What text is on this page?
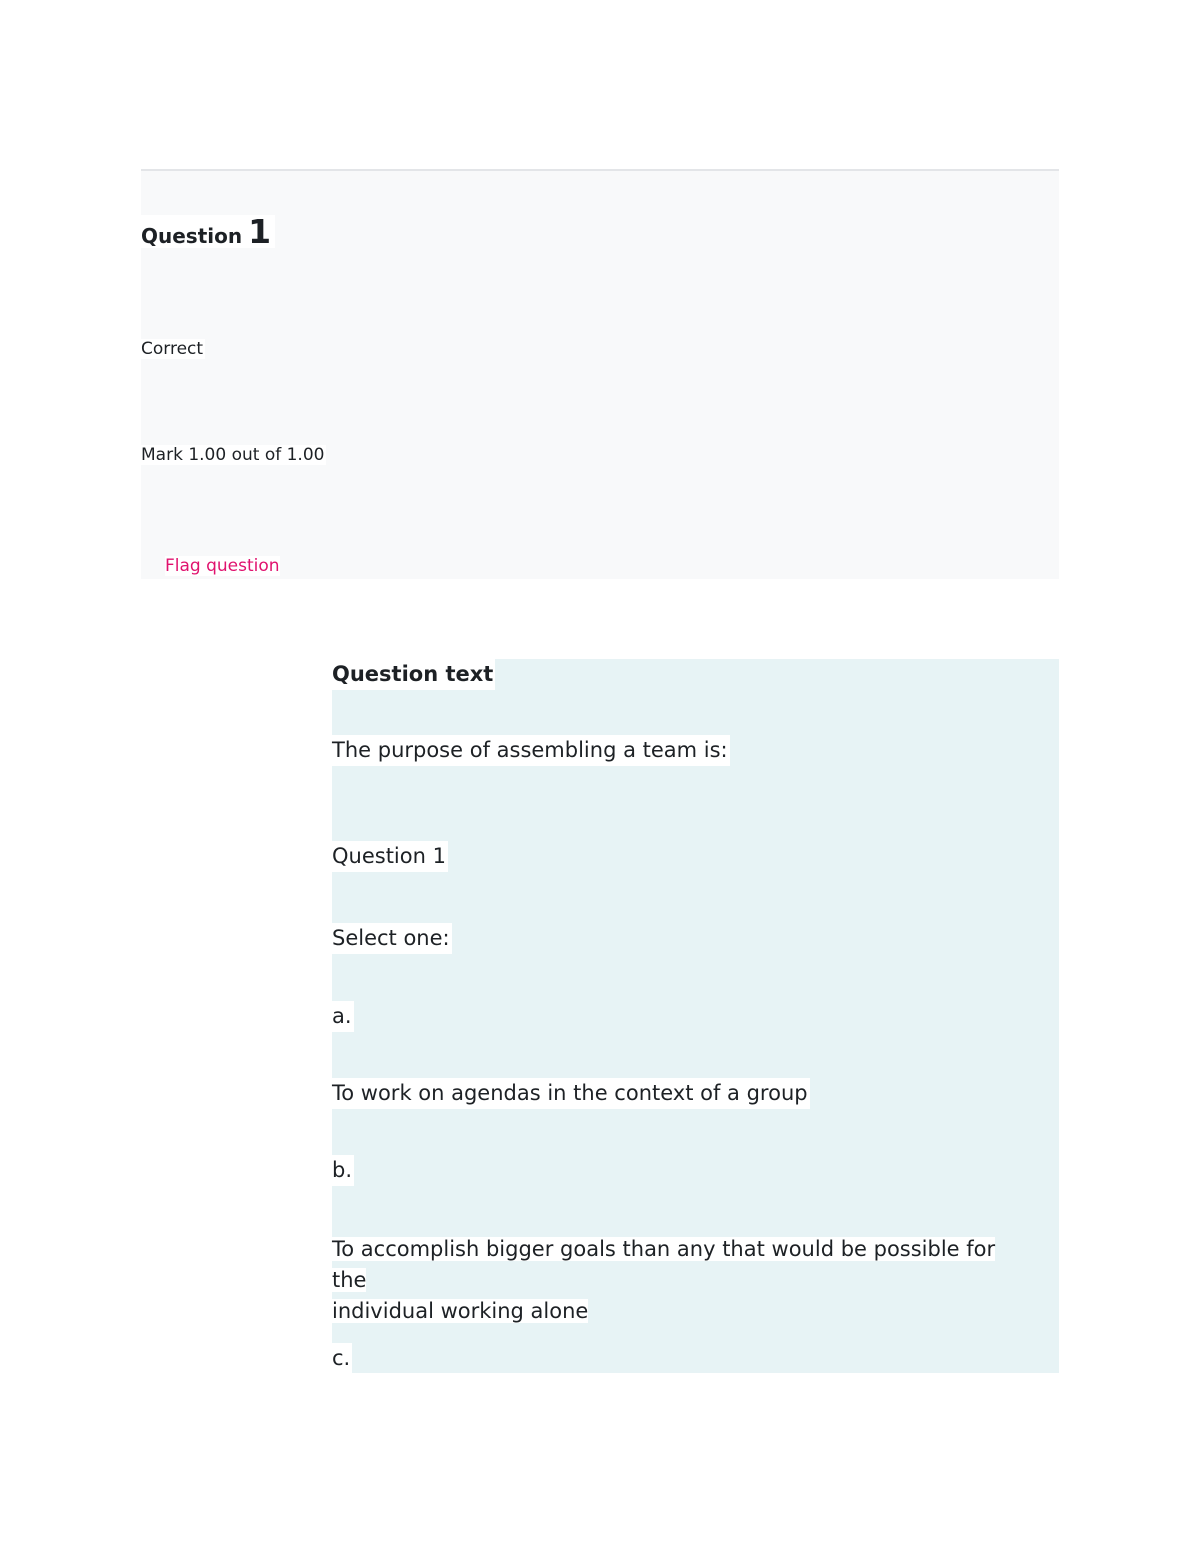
Question 1
Correct
Mark 1.00 out of 1.00
Flag question
Question text
The purpose of assembling a team is:
Question 1
Select one:
a.
To work on agendas in the context of a group
b.
To accomplish bigger goals than any that would be possible for the
individual working alone
c.
